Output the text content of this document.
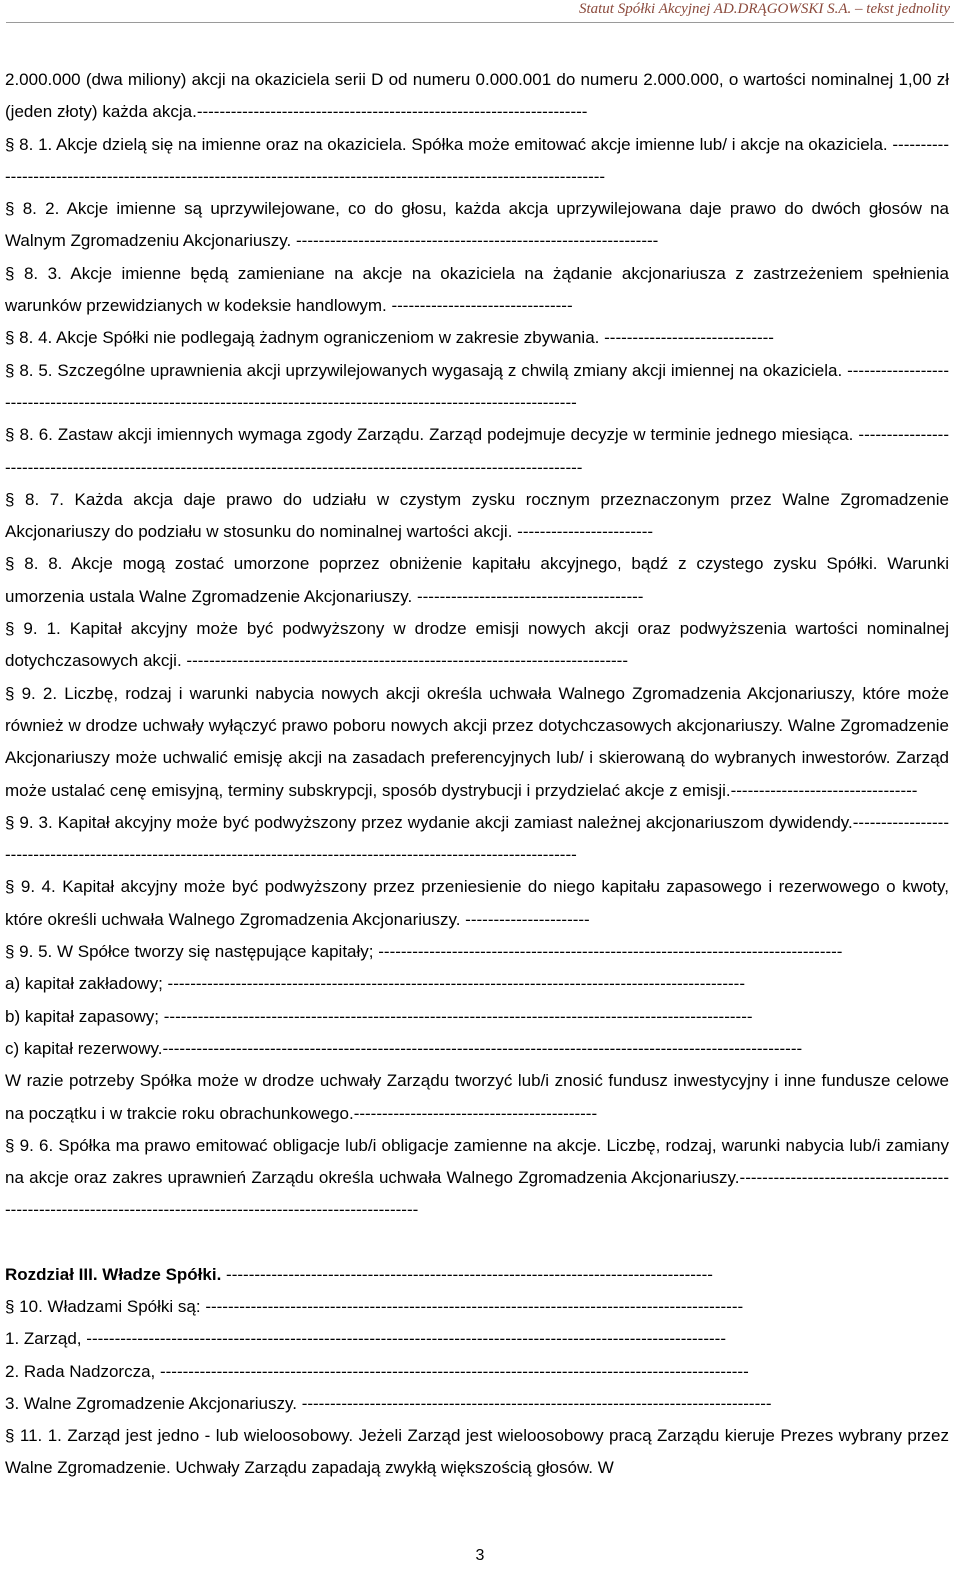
Statut Spółki Akcyjnej AD.DRĄGOWSKI S.A. – tekst jednolity

2.000.000 (dwa miliony) akcji na okaziciela serii D od numeru 0.000.001 do numeru 2.000.000, o wartości nominalnej 1,00 zł (jeden złoty) każda akcja.---------------------------------------------------------------------

§ 8. 1. Akcje dzielą się na imienne oraz na okaziciela. Spółka może emitować akcje imienne lub/ i akcje na okaziciela. --------------------------------------------------------------------------------------------------------------------

§ 8. 2. Akcje imienne są uprzywilejowane, co do głosu, każda akcja uprzywilejowana daje prawo do dwóch głosów na Walnym Zgromadzeniu Akcjonariuszy. ----------------------------------------------------------------

§ 8. 3. Akcje imienne będą zamieniane na akcje na okaziciela na żądanie akcjonariusza z zastrzeżeniem spełnienia warunków przewidzianych w kodeksie handlowym. --------------------------------

§ 8. 4. Akcje Spółki nie podlegają żadnym ograniczeniom w zakresie zbywania. ------------------------------

§ 8. 5. Szczególne uprawnienia akcji uprzywilejowanych wygasają z chwilą zmiany akcji imiennej na okaziciela. -----------------------------------------------------------------------------------------------------------------------

§ 8. 6. Zastaw akcji imiennych wymaga zgody Zarządu. Zarząd podejmuje decyzje w terminie jednego miesiąca. ----------------------------------------------------------------------------------------------------------------------

§ 8. 7. Każda akcja daje prawo do udziału w czystym zysku rocznym przeznaczonym przez Walne Zgromadzenie Akcjonariuszy do podziału w stosunku do nominalnej wartości akcji. ------------------------

§ 8. 8. Akcje mogą zostać umorzone poprzez obniżenie kapitału akcyjnego, bądź z czystego zysku Spółki. Warunki umorzenia ustala Walne Zgromadzenie Akcjonariuszy. ----------------------------------------

§ 9. 1. Kapitał akcyjny może być podwyższony w drodze emisji nowych akcji oraz podwyższenia wartości nominalnej dotychczasowych akcji. ------------------------------------------------------------------------------

§ 9. 2. Liczbę, rodzaj i warunki nabycia nowych akcji określa uchwała Walnego Zgromadzenia Akcjonariuszy, które może również w drodze uchwały wyłączyć prawo poboru nowych akcji przez dotychczasowych akcjonariuszy. Walne Zgromadzenie Akcjonariuszy może uchwalić emisję akcji na zasadach preferencyjnych lub/ i skierowaną do wybranych inwestorów. Zarząd może ustalać cenę emisyjną, terminy subskrypcji, sposób dystrybucji i przydzielać akcje z emisji.---------------------------------

§ 9. 3. Kapitał akcyjny może być podwyższony przez wydanie akcji zamiast należnej akcjonariuszom dywidendy.----------------------------------------------------------------------------------------------------------------------

§ 9. 4. Kapitał akcyjny może być podwyższony przez przeniesienie do niego kapitału zapasowego i rezerwowego o kwoty, które określi uchwała Walnego Zgromadzenia Akcjonariuszy. ----------------------

§ 9. 5. W Spółce tworzy się następujące kapitały; ----------------------------------------------------------------------------------

a) kapitał zakładowy; ------------------------------------------------------------------------------------------------------

b) kapitał zapasowy; --------------------------------------------------------------------------------------------------------

c) kapitał rezerwowy.-----------------------------------------------------------------------------------------------------------------

W razie potrzeby Spółka może w drodze uchwały Zarządu tworzyć lub/i znosić fundusz inwestycyjny i inne fundusze celowe na początku i w trakcie roku obrachunkowego.-------------------------------------------

§ 9. 6. Spółka ma prawo emitować obligacje lub/i obligacje zamienne na akcje. Liczbę, rodzaj, warunki nabycia lub/i zamiany na akcje oraz zakres uprawnień Zarządu określa uchwała Walnego Zgromadzenia Akcjonariuszy.--------------------------------------------------------------------------------------------------------------

Rozdział III. Władze Spółki. --------------------------------------------------------------------------------------

§ 10. Władzami Spółki są: -----------------------------------------------------------------------------------------------

1. Zarząd, -----------------------------------------------------------------------------------------------------------------

2. Rada Nadzorcza, --------------------------------------------------------------------------------------------------------

3. Walne Zgromadzenie Akcjonariuszy. -----------------------------------------------------------------------------------

§ 11. 1. Zarząd jest jedno - lub wieloosobowy. Jeżeli Zarząd jest wieloosobowy pracą Zarządu kieruje Prezes wybrany przez Walne Zgromadzenie. Uchwały Zarządu zapadają zwykłą większością głosów. W

3
